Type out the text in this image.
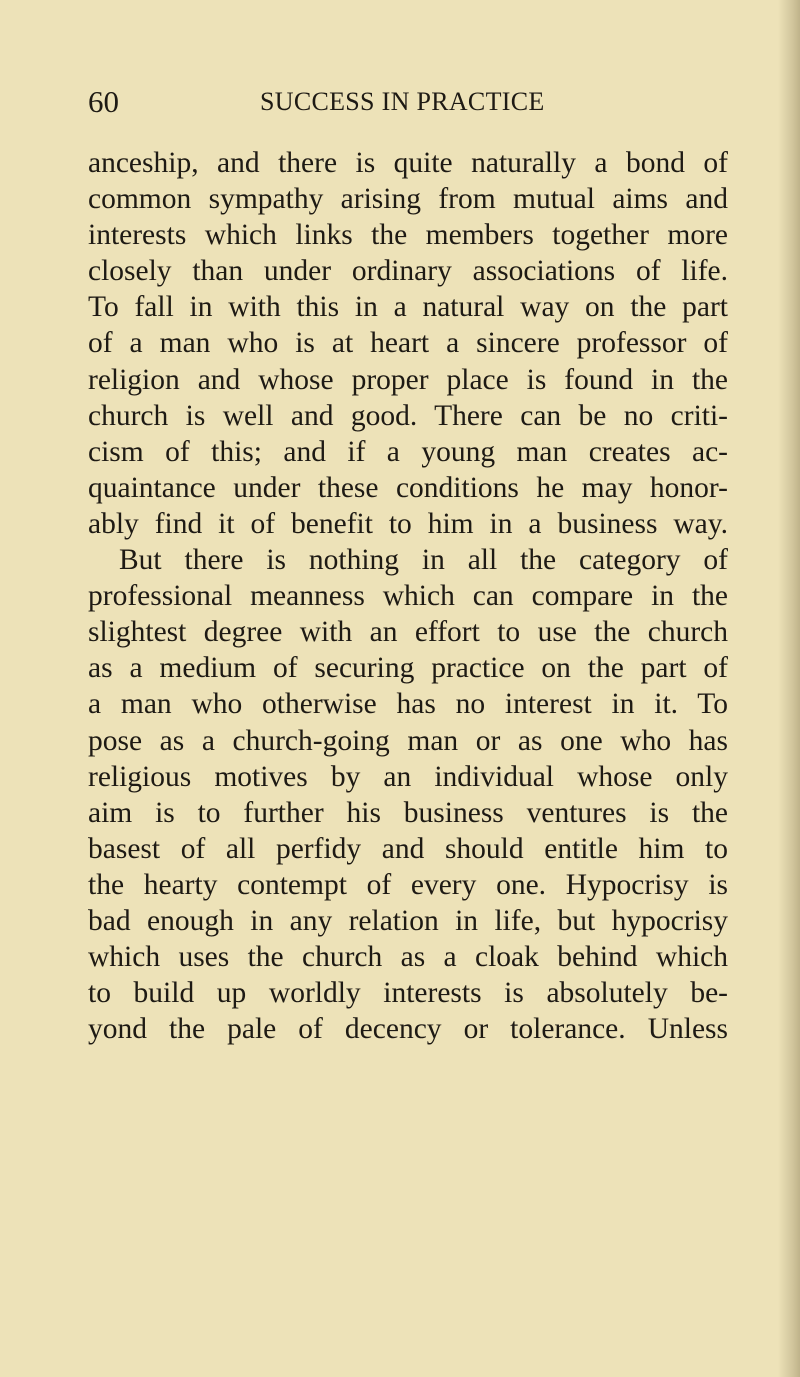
60	SUCCESS IN PRACTICE
anceship, and there is quite naturally a bond of
common sympathy arising from mutual aims and
interests which links the members together more
closely than under ordinary associations of life.
To fall in with this in a natural way on the part
of a man who is at heart a sincere professor of
religion and whose proper place is found in the
church is well and good. There can be no criti-
cism of this; and if a young man creates ac-
quaintance under these conditions he may honor-
ably find it of benefit to him in a business way.
But there is nothing in all the category of
professional meanness which can compare in the
slightest degree with an effort to use the church
as a medium of securing practice on the part of
a man who otherwise has no interest in it. To
pose as a church-going man or as one who has
religious motives by an individual whose only
aim is to further his business ventures is the
basest of all perfidy and should entitle him to
the hearty contempt of every one. Hypocrisy is
bad enough in any relation in life, but hypocrisy
which uses the church as a cloak behind which
to build up worldly interests is absolutely be-
yond the pale of decency or tolerance. Unless
